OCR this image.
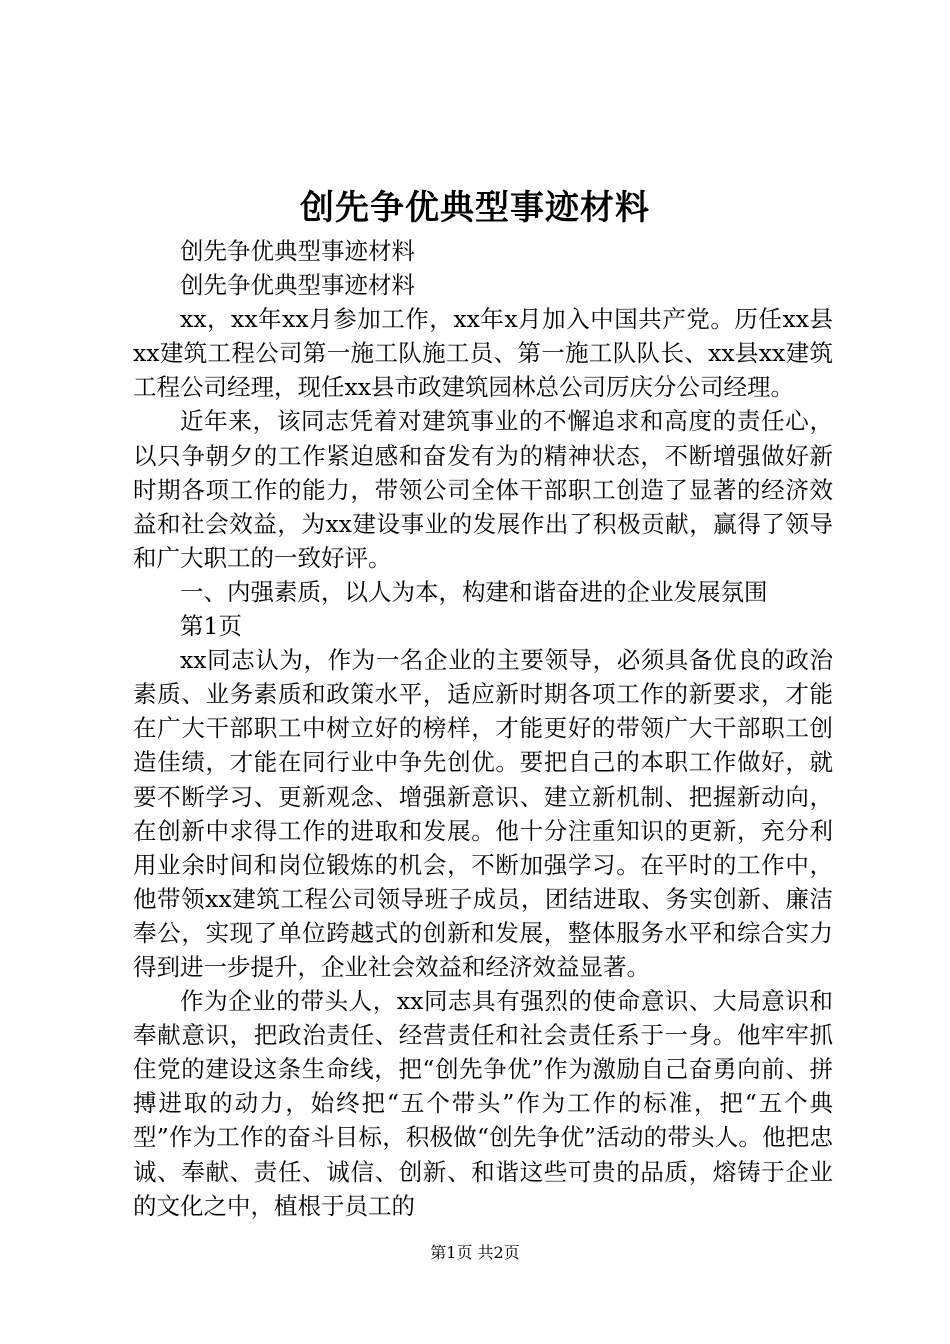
创先争优典型事迹材料

创先争优典型事迹材料

创先争优典型事迹材料

xx，xx年xx月参加工作，xx年x月加入中国共产党。历任xx县xx建筑工程公司第一施工队施工员、第一施工队队长、xx县xx建筑工程公司经理，现任xx县市政建筑园林总公司厉庆分公司经理。

近年来，该同志凭着对建筑事业的不懈追求和高度的责任心，以只争朝夕的工作紧迫感和奋发有为的精神状态，不断增强做好新时期各项工作的能力，带领公司全体干部职工创造了显著的经济效益和社会效益，为xx建设事业的发展作出了积极贡献，赢得了领导和广大职工的一致好评。

一、内强素质，以人为本，构建和谐奋进的企业发展氛围

第1页

xx同志认为，作为一名企业的主要领导，必须具备优良的政治素质、业务素质和政策水平，适应新时期各项工作的新要求，才能在广大干部职工中树立好的榜样，才能更好的带领广大干部职工创造佳绩，才能在同行业中争先创优。要把自己的本职工作做好，就要不断学习、更新观念、增强新意识、建立新机制、把握新动向，在创新中求得工作的进取和发展。他十分注重知识的更新，充分利用业余时间和岗位锻炼的机会，不断加强学习。在平时的工作中，他带领xx建筑工程公司领导班子成员，团结进取、务实创新、廉洁奉公，实现了单位跨越式的创新和发展，整体服务水平和综合实力得到进一步提升，企业社会效益和经济效益显著。

作为企业的带头人，xx同志具有强烈的使命意识、大局意识和奉献意识，把政治责任、经营责任和社会责任系于一身。他牢牢抓住党的建设这条生命线，把“创先争优”作为激励自己奋勇向前、拼搏进取的动力，始终把“五个带头”作为工作的标准，把“五个典型”作为工作的奋斗目标，积极做“创先争优”活动的带头人。他把忠诚、奉献、责任、诚信、创新、和谐这些可贵的品质，熔铸于企业的文化之中，植根于员工的

第1页 共2页
